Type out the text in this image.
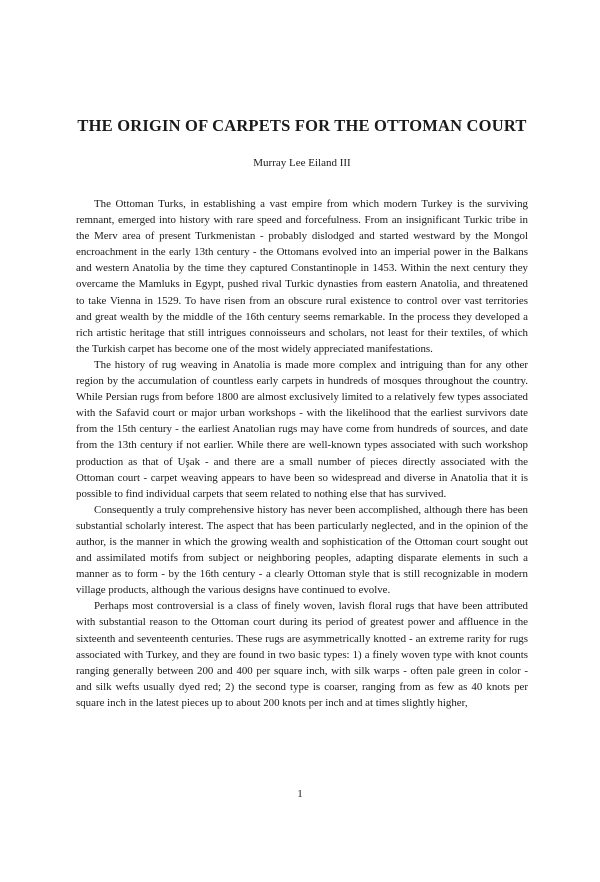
THE ORIGIN OF CARPETS FOR THE OTTOMAN COURT
Murray Lee Eiland III

The Ottoman Turks, in establishing a vast empire from which modern Turkey is the surviving remnant, emerged into history with rare speed and forcefulness. From an insignificant Turkic tribe in the Merv area of present Turkmenistan - probably dislodged and started westward by the Mongol encroachment in the early 13th century - the Ottomans evolved into an imperial power in the Balkans and western Anatolia by the time they captured Constantinople in 1453. Within the next century they overcame the Mamluks in Egypt, pushed rival Turkic dynasties from eastern Anatolia, and threatened to take Vienna in 1529. To have risen from an obscure rural existence to control over vast territories and great wealth by the middle of the 16th century seems remarkable. In the process they developed a rich artistic heritage that still intrigues connoisseurs and scholars, not least for their textiles, of which the Turkish carpet has become one of the most widely appreciated manifestations.

The history of rug weaving in Anatolia is made more complex and intriguing than for any other region by the accumulation of countless early carpets in hundreds of mosques throughout the country. While Persian rugs from before 1800 are almost exclusively limited to a relatively few types associated with the Safavid court or major urban workshops - with the likelihood that the earliest survivors date from the 15th century - the earliest Anatolian rugs may have come from hundreds of sources, and date from the 13th century if not earlier. While there are well-known types associated with such workshop production as that of Uşak - and there are a small number of pieces directly associated with the Ottoman court - carpet weaving appears to have been so widespread and diverse in Anatolia that it is possible to find individual carpets that seem related to nothing else that has survived.

Consequently a truly comprehensive history has never been accomplished, although there has been substantial scholarly interest. The aspect that has been particularly neglected, and in the opinion of the author, is the manner in which the growing wealth and sophistication of the Ottoman court sought out and assimilated motifs from subject or neighboring peoples, adapting disparate elements in such a manner as to form - by the 16th century - a clearly Ottoman style that is still recognizable in modern village products, although the various designs have continued to evolve.

Perhaps most controversial is a class of finely woven, lavish floral rugs that have been attributed with substantial reason to the Ottoman court during its period of greatest power and affluence in the sixteenth and seventeenth centuries. These rugs are asymmetrically knotted - an extreme rarity for rugs associated with Turkey, and they are found in two basic types: 1) a finely woven type with knot counts ranging generally between 200 and 400 per square inch, with silk warps - often pale green in color - and silk wefts usually dyed red; 2) the second type is coarser, ranging from as few as 40 knots per square inch in the latest pieces up to about 200 knots per inch and at times slightly higher,

1
